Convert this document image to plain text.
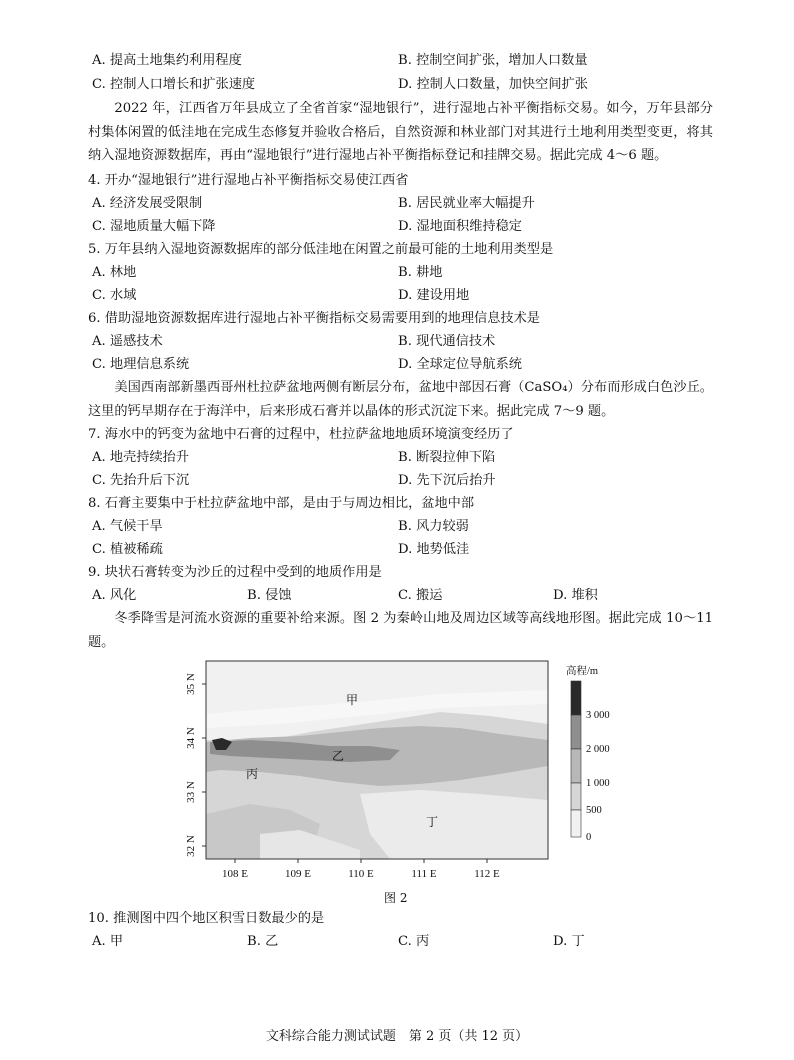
A. 提高土地集约利用程度	B. 控制空间扩张，增加人口数量
C. 控制人口增长和扩张速度	D. 控制人口数量，加快空间扩张
2022 年，江西省万年县成立了全省首家“湿地银行”，进行湿地占补平衡指标交易。如今，万年县部分村集体闲置的低洼地在完成生态修复并验收合格后，自然资源和林业部门对其进行土地利用类型变更，将其纳入湿地资源数据库，再由“湿地银行”进行湿地占补平衡指标登记和挂牌交易。据此完成 4～6 题。
4. 开办“湿地银行”进行湿地占补平衡指标交易使江西省
A. 经济发展受限制	B. 居民就业率大幅提升
C. 湿地质量大幅下降	D. 湿地面积维持稳定
5. 万年县纳入湿地资源数据库的部分低洼地在闲置之前最可能的土地利用类型是
A. 林地	B. 耕地
C. 水域	D. 建设用地
6. 借助湿地资源数据库进行湿地占补平衡指标交易需要用到的地理信息技术是
A. 遥感技术	B. 现代通信技术
C. 地理信息系统	D. 全球定位导航系统
美国西南部新墨西哥州杜拉萨盆地两侧有断层分布，盆地中部因石膏（CaSO₄）分布而形成白色沙丘。这里的钙早期存在于海洋中，后来形成石膏并以晶体的形式沉淀下来。据此完成 7～9 题。
7. 海水中的钙变为盆地中石膏的过程中，杜拉萨盆地地质环境演变经历了
A. 地壳持续抬升	B. 断裂拉伸下陷
C. 先抬升后下沉	D. 先下沉后抬升
8. 石膏主要集中于杜拉萨盆地中部，是由于与周边相比，盆地中部
A. 气候干旱	B. 风力较弱
C. 植被稀疏	D. 地势低洼
9. 块状石膏转变为沙丘的过程中受到的地质作用是
A. 风化	B. 侵蚀	C. 搬运	D. 堆积
冬季降雪是河流水资源的重要补给来源。图 2 为秦岭山地及周边区域等高线地形图。据此完成 10～11 题。
35 N
34 N
33 N
32 N
108 E	109 E	110 E	111 E	112 E
甲
乙
丙
丁
高程/m
3 000
2 000
1 000
500
0
图 2
10. 推测图中四个地区积雪日数最少的是
A. 甲	B. 乙	C. 丙	D. 丁
文科综合能力测试试题　第 2 页（共 12 页）
